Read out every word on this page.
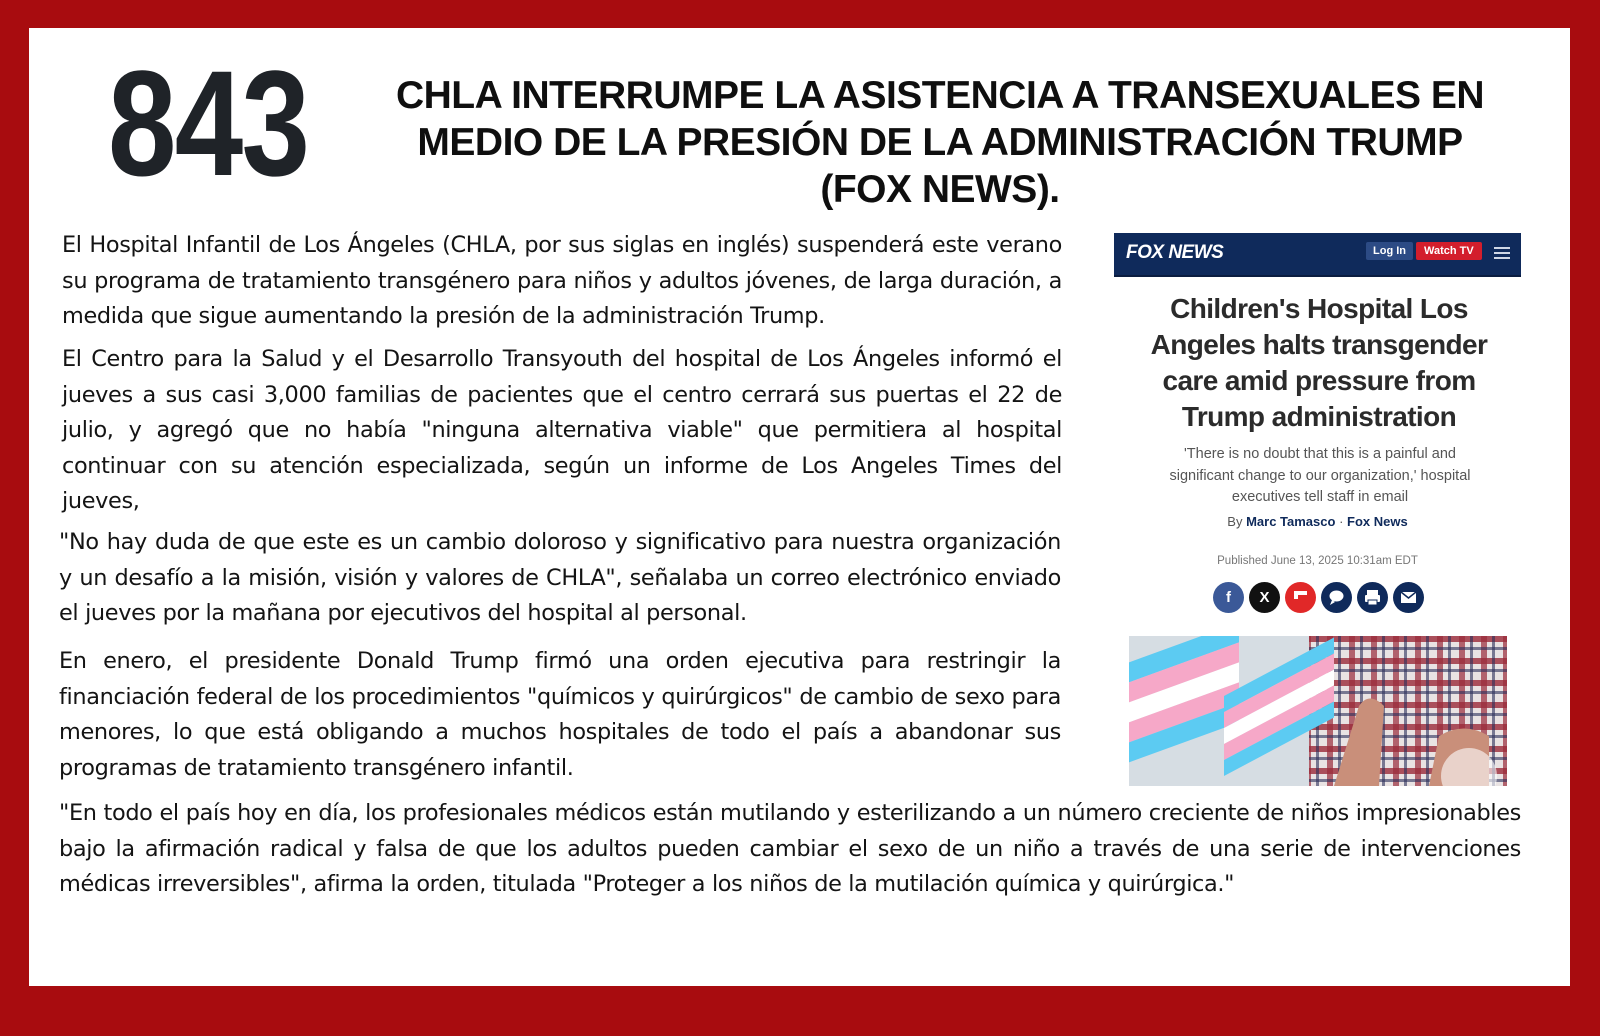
843	CHLA INTERRUMPE LA ASISTENCIA A TRANSEXUALES EN MEDIO DE LA PRESIÓN DE LA ADMINISTRACIÓN TRUMP (FOX NEWS).

El Hospital Infantil de Los Ángeles (CHLA, por sus siglas en inglés) suspenderá este verano su programa de tratamiento transgénero para niños y adultos jóvenes, de larga duración, a medida que sigue aumentando la presión de la administración Trump.

El Centro para la Salud y el Desarrollo Transyouth del hospital de Los Ángeles informó el jueves a sus casi 3,000 familias de pacientes que el centro cerrará sus puertas el 22 de julio, y agregó que no había "ninguna alternativa viable" que permitiera al hospital continuar con su atención especializada, según un informe de Los Angeles Times del jueves,

"No hay duda de que este es un cambio doloroso y significativo para nuestra organización y un desafío a la misión, visión y valores de CHLA", señalaba un correo electrónico enviado el jueves por la mañana por ejecutivos del hospital al personal.

En enero, el presidente Donald Trump firmó una orden ejecutiva para restringir la financiación federal de los procedimientos "químicos y quirúrgicos" de cambio de sexo para menores, lo que está obligando a muchos hospitales de todo el país a abandonar sus programas de tratamiento transgénero infantil.

"En todo el país hoy en día, los profesionales médicos están mutilando y esterilizando a un número creciente de niños impresionables bajo la afirmación radical y falsa de que los adultos pueden cambiar el sexo de un niño a través de una serie de intervenciones médicas irreversibles", afirma la orden, titulada "Proteger a los niños de la mutilación química y quirúrgica."

FOX NEWS	Log In	Watch TV
Children's Hospital Los Angeles halts transgender care amid pressure from Trump administration
'There is no doubt that this is a painful and significant change to our organization,' hospital executives tell staff in email
By Marc Tamasco · Fox News
Published June 13, 2025 10:31am EDT
f	X
